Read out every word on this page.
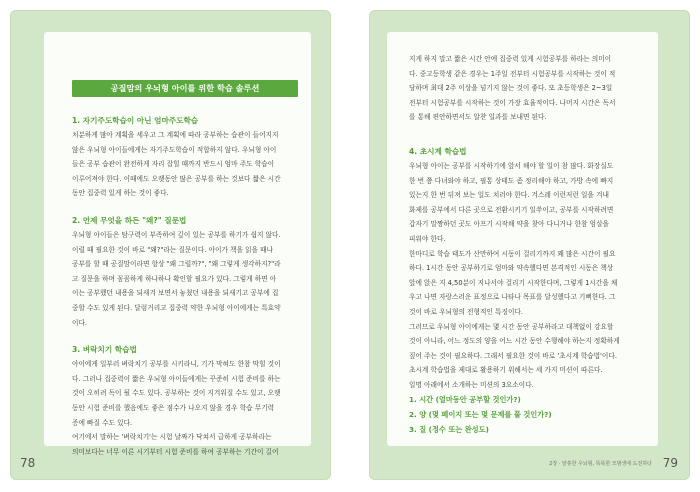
공질맘의 우뇌형 아이를 위한 학습 솔루션

1. 자기주도학습이 아닌 엄마주도학습

처분하게 많아 계획을 세우고 그 계획에 따라 공부하는 습관이 들어지지

않은 우뇌형 아이들에게는 자기주도학습이 적합하지 않다. 우뇌형 아이

들은 공부 습관이 완전하게 자리 잡힐 때까지 반드시 엄마 주도 학습이

이루어져야 한다. 이때에도 오랫동안 많은 공부를 하는 것보다 짧은 시간

동안 집중력 있게 하는 것이 좋다.

2. 언제 무엇을 하든 "왜?" 질문법

우뇌형 아이들은 탐구력이 부족하여 깊이 있는 공부를 하기가 쉽지 않다.

이럴 때 필요한 것이 바로 "왜?"라는 질문이다. 아이가 책을 읽을 때나

공부를 할 때 공질맘이라면 항상 "왜 그럴까?", "왜 그렇게 생각하지?"라

고 질문을 하며 꼼꼼하게 하나하나 확인할 필요가 있다. 그렇게 하면 아

이는 공부했던 내용을 되새겨 보면서 놓쳤던 내용을 되새기고 공부에 집

중할 수도 있게 된다. 달렁거리고 집중력 약한 우뇌형 아이에게는 특효약

이다.

3. 벼락치기 학습법

아이에게 일부러 벼락치기 공부를 시키라니, 기가 막혀도 한참 막힐 것이

다. 그러나 집중력이 짧은 우뇌형 아이들에게는 꾸준히 시험 준비를 하는

것이 오히려 독이 될 수도 있다. 공부하는 것이 지겨워질 수도 있고, 오랫

동안 시험 준비를 했음에도 좋은 점수가 나오지 않을 경우 학습 무기력

증에 빠질 수도 있다.

여기에서 말하는 '벼락치기'는 시험 날짜가 닥쳐서 급하게 공부하라는

의미보다는 너무 이른 시기부터 시험 준비를 하여 공부하는 기간이 길어

78

지게 하지 말고 짧은 시간 안에 집중력 있게 시험공부를 하라는 의미이

다. 중고등학생 같은 경우는 1주일 전부터 시험공부를 시작하는 것이 적

당하며 최대 2주 이상을 넘기지 않는 것이 좋다. 또 초등학생은 2~3일

전부터 시험공부를 시작하는 것이 가장 효율적이다. 나머지 시간은 독서

를 통해 편안하면서도 알찬 일과를 보내면 된다.

4. 초시계 학습법

우뇌형 아이는 공부를 시작하기에 앞서 해야 할 일이 참 많다. 화장실도

한 번 쯤 다녀와야 하고, 필통 상태도 좀 정리해야 하고, 가방 속에 빠지

있는지 한 번 뒤져 보는 일도 치러야 한다. 겨스레 이런저런 일을 겨내

화제를 공부에서 다른 곳으로 전환시키기 일쑤이고, 공부를 시작하려면

갑자기 말짱하던 곳도 아프기 시작해 약을 찾아 다니거나 한참 엄살을

피워야 한다.

한마디로 학습 태도가 산만하여 시동이 걸리기까지 꽤 많은 시간이 필요

하다. 1시간 동안 공부하기로 엄마와 약속했다면 본격적인 시동은 책상

앞에 앉은 지 4,50분이 지나서야 걸리기 시작한다며, 그렇게 1시간을 채

우고 나면 자랑스러운 표정으로 나타나 목표를 달성했다고 기뻐한다. 그

것이 바로 우뇌형의 전형적인 특징이다.

그러므로 우뇌형 아이에게는 몇 시간 동안 공부하라고 대책없이 강요할

것이 아니라, 어느 정도의 양을 어느 시간 동안 수행해야 하는지 정확하게

짚어 주는 것이 필요하다. 그래서 필요한 것이 바로 '초시계 학습법'이다.

초시계 학습법을 제대로 활용하기 위해서는 세 가지 미션이 따른다.

일명 아래에서 소개하는 미션의 3요소이다.

1. 시간 (얼마동안 공부할 것인가?)

2. 양 (몇 페이지 또는 몇 문제를 풀 것인가?)

3. 질 (정수 또는 완성도)

2장 · 알쏭한 우뇌형, 똑똑한 모범생에 도전하다 79
